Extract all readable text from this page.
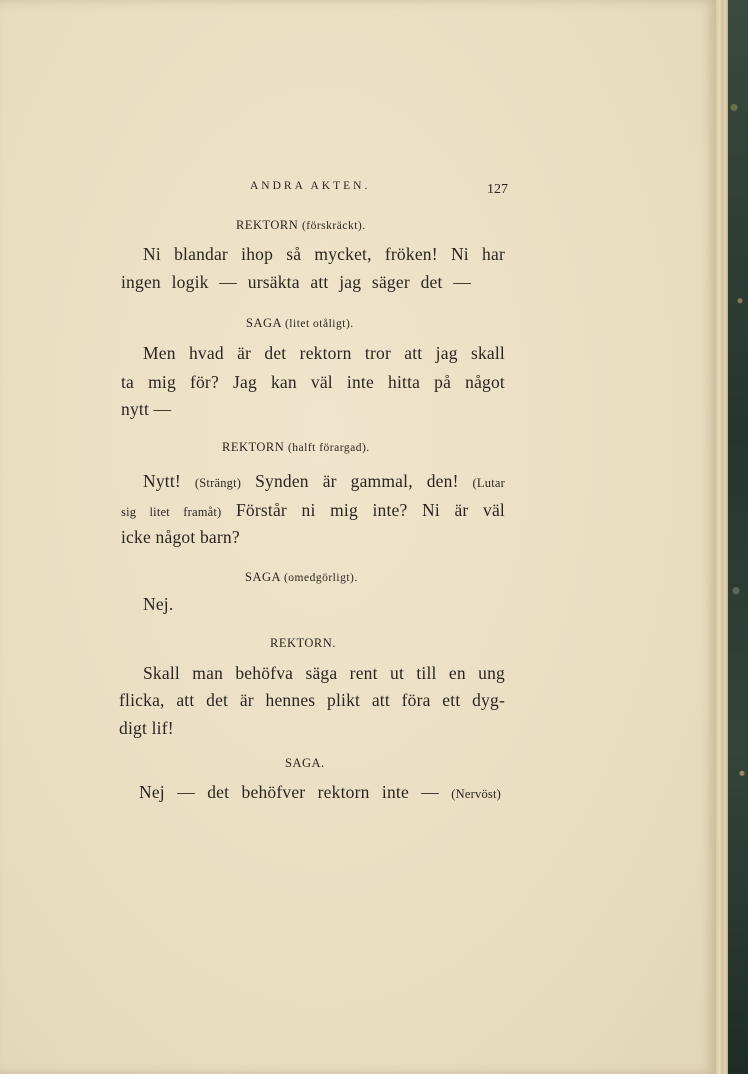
ANDRA AKTEN.	127
REKTORN (förskräckt).
Ni blandar ihop så mycket, fröken! Ni har
ingen logik — ursäkta att jag säger det —
SAGA (litet otåligt).
Men hvad är det rektorn tror att jag skall
ta mig för? Jag kan väl inte hitta på något
nytt —
REKTORN (halft förargad).
Nytt! (Strängt) Synden är gammal, den! (Lutar
sig litet framåt) Förstår ni mig inte? Ni är väl
icke något barn?
SAGA (omedgörligt).
Nej.
REKTORN.
Skall man behöfva säga rent ut till en ung
flicka, att det är hennes plikt att föra ett dyg-
digt lif!
SAGA.
Nej — det behöfver rektorn inte — (Nervöst)
